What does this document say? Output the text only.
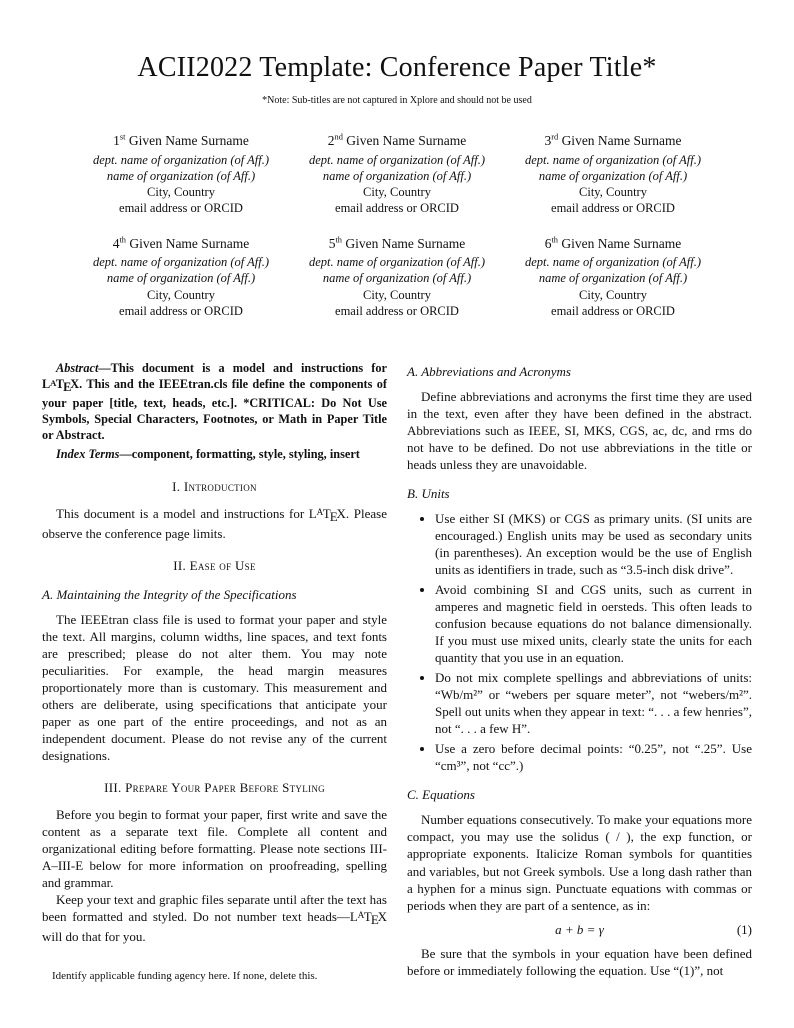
ACII2022 Template: Conference Paper Title*
*Note: Sub-titles are not captured in Xplore and should not be used
1st Given Name Surname
dept. name of organization (of Aff.)
name of organization (of Aff.)
City, Country
email address or ORCID
2nd Given Name Surname
dept. name of organization (of Aff.)
name of organization (of Aff.)
City, Country
email address or ORCID
3rd Given Name Surname
dept. name of organization (of Aff.)
name of organization (of Aff.)
City, Country
email address or ORCID
4th Given Name Surname
dept. name of organization (of Aff.)
name of organization (of Aff.)
City, Country
email address or ORCID
5th Given Name Surname
dept. name of organization (of Aff.)
name of organization (of Aff.)
City, Country
email address or ORCID
6th Given Name Surname
dept. name of organization (of Aff.)
name of organization (of Aff.)
City, Country
email address or ORCID

Abstract—This document is a model and instructions for $L^ATEX$. This and the IEEEtran.cls file define the components of your paper [title, text, heads, etc.]. *CRITICAL: Do Not Use Symbols, Special Characters, Footnotes, or Math in Paper Title or Abstract.

Index Terms—component, formatting, style, styling, insert

I. Introduction

This document is a model and instructions for $L^ATEX$. Please observe the conference page limits.

II. Ease of Use
A. Maintaining the Integrity of the Specifications

The IEEEtran class file is used to format your paper and style the text. All margins, column widths, line spaces, and text fonts are prescribed; please do not alter them. You may note peculiarities. For example, the head margin measures proportionately more than is customary. This measurement and others are deliberate, using specifications that anticipate your paper as one part of the entire proceedings, and not as an independent document. Please do not revise any of the current designations.

III. Prepare Your Paper Before Styling

Before you begin to format your paper, first write and save the content as a separate text file. Complete all content and organizational editing before formatting. Please note sections III-A–III-E below for more information on proofreading, spelling and grammar.

Keep your text and graphic files separate until after the text has been formatted and styled. Do not number text $heads—L^ATEX$ will do that for you.

Identify applicable funding agency here. If none, delete this.
A. Abbreviations and Acronyms

Define abbreviations and acronyms the first time they are used in the text, even after they have been defined in the abstract. Abbreviations such as IEEE, SI, MKS, CGS, ac, dc, and rms do not have to be defined. Do not use abbreviations in the title or heads unless they are unavoidable.

B. Units
• Use either SI (MKS) or CGS as primary units. (SI units are encouraged.) English units may be used as secondary units (in parentheses). An exception would be the use of English units as identifiers in trade, such as “3.5-inch disk drive”.
• Avoid combining SI and CGS units, such as current in amperes and magnetic field in oersteds. This often leads to confusion because equations do not balance dimensionally. If you must use mixed units, clearly state the units for each quantity that you use in an equation.
• Do not mix complete spellings and abbreviations of units: “Wb/m²” or “webers per square meter”, not “webers/m²”. Spell out units when they appear in text: “. . . a few henries”, not “. . . a few H”.
• Use a zero before decimal points: “0.25”, not “.25”. Use “cm³”, not “cc”.)
C. Equations

Number equations consecutively. To make your equations more compact, you may use the solidus ( / ), the exp function, or appropriate exponents. Italicize Roman symbols for quantities and variables, but not Greek symbols. Use a long dash rather than a hyphen for a minus sign. Punctuate equations with commas or periods when they are part of a sentence, as in:

a + b = γ	(1)

Be sure that the symbols in your equation have been defined before or immediately following the equation. Use “(1)”, not
